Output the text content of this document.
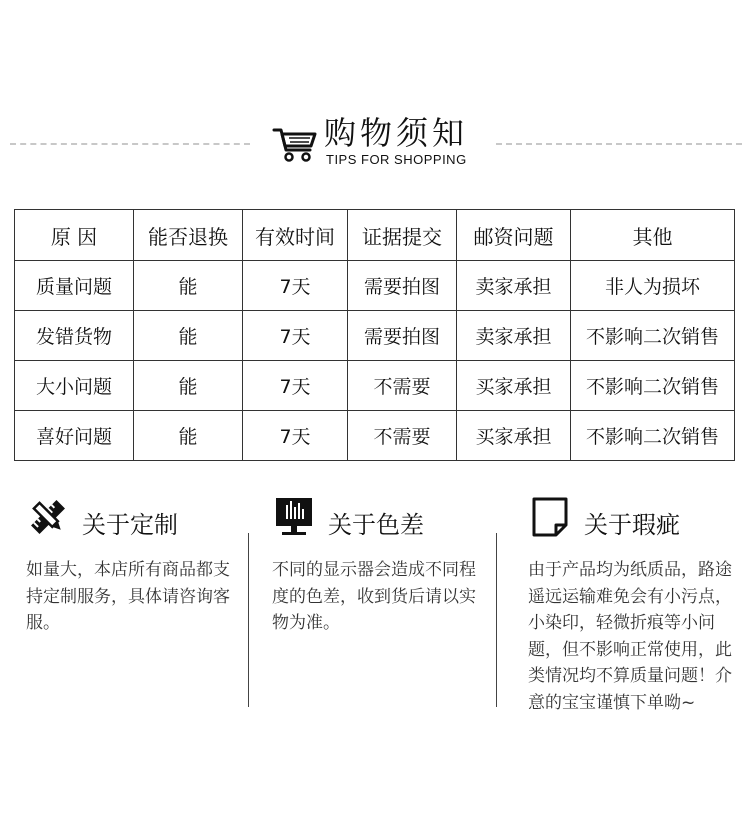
购物须知
TIPS FOR SHOPPING
原 因	能否退换	有效时间	证据提交	邮资问题	其他
质量问题	能	7天	需要拍图	卖家承担	非人为损坏
发错货物	能	7天	需要拍图	卖家承担	不影响二次销售
大小问题	能	7天	不需要	买家承担	不影响二次销售
喜好问题	能	7天	不需要	买家承担	不影响二次销售
关于定制
如量大，本店所有商品都支持定制服务，具体请咨询客服。
关于色差
不同的显示器会造成不同程度的色差，收到货后请以实物为准。
关于瑕疵
由于产品均为纸质品，路途遥远运输难免会有小污点，小染印，轻微折痕等小问题，但不影响正常使用，此类情况均不算质量问题！介意的宝宝谨慎下单呦~
